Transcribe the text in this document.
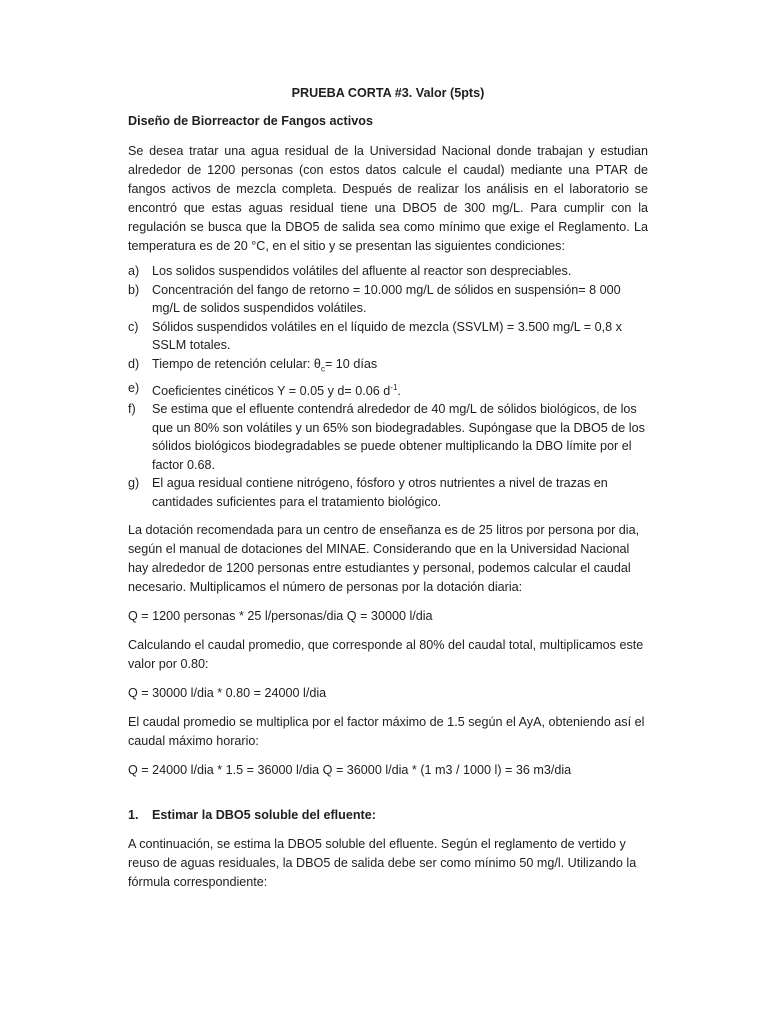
PRUEBA CORTA #3. Valor (5pts)
Diseño de Biorreactor de Fangos activos

Se desea tratar una agua residual de la Universidad Nacional donde trabajan y estudian alrededor de 1200 personas (con estos datos calcule el caudal) mediante una PTAR de fangos activos de mezcla completa. Después de realizar los análisis en el laboratorio se encontró que estas aguas residual tiene una DBO5 de 300 mg/L. Para cumplir con la regulación se busca que la DBO5 de salida sea como mínimo que exige el Reglamento. La temperatura es de 20 °C, en el sitio y se presentan las siguientes condiciones:

a) Los solidos suspendidos volátiles del afluente al reactor son despreciables.
b) Concentración del fango de retorno = 10.000 mg/L de sólidos en suspensión= 8 000 mg/L de solidos suspendidos volátiles.
c) Sólidos suspendidos volátiles en el líquido de mezcla (SSVLM) = 3.500 mg/L = 0,8 x SSLM totales.
d) Tiempo de retención celular: $\theta_c= 10$ días
e) Coeficientes cinéticos Y = 0.05 y d= 0.06 $d^{-1}$.
f) Se estima que el efluente contendrá alrededor de 40 mg/L de sólidos biológicos, de los que un 80% son volátiles y un 65% son biodegradables. Supóngase que la DBO5 de los sólidos biológicos biodegradables se puede obtener multiplicando la DBO límite por el factor 0.68.
g) El agua residual contiene nitrógeno, fósforo y otros nutrientes a nivel de trazas en cantidades suficientes para el tratamiento biológico.

La dotación recomendada para un centro de enseñanza es de 25 litros por persona por dia, según el manual de dotaciones del MINAE. Considerando que en la Universidad Nacional hay alrededor de 1200 personas entre estudiantes y personal, podemos calcular el caudal necesario. Multiplicamos el número de personas por la dotación diaria:

Q = 1200 personas * 25 l/personas/dia Q = 30000 l/dia

Calculando el caudal promedio, que corresponde al 80% del caudal total, multiplicamos este valor por 0.80:

Q = 30000 l/dia * 0.80 = 24000 l/dia

El caudal promedio se multiplica por el factor máximo de 1.5 según el AyA, obteniendo así el caudal máximo horario:

Q = 24000 l/dia * 1.5 = 36000 l/dia Q = 36000 l/dia * (1 m3 / 1000 l) = 36 m3/dia

1. Estimar la DBO5 soluble del efluente:

A continuación, se estima la DBO5 soluble del efluente. Según el reglamento de vertido y reuso de aguas residuales, la DBO5 de salida debe ser como mínimo 50 mg/l. Utilizando la fórmula correspondiente:
